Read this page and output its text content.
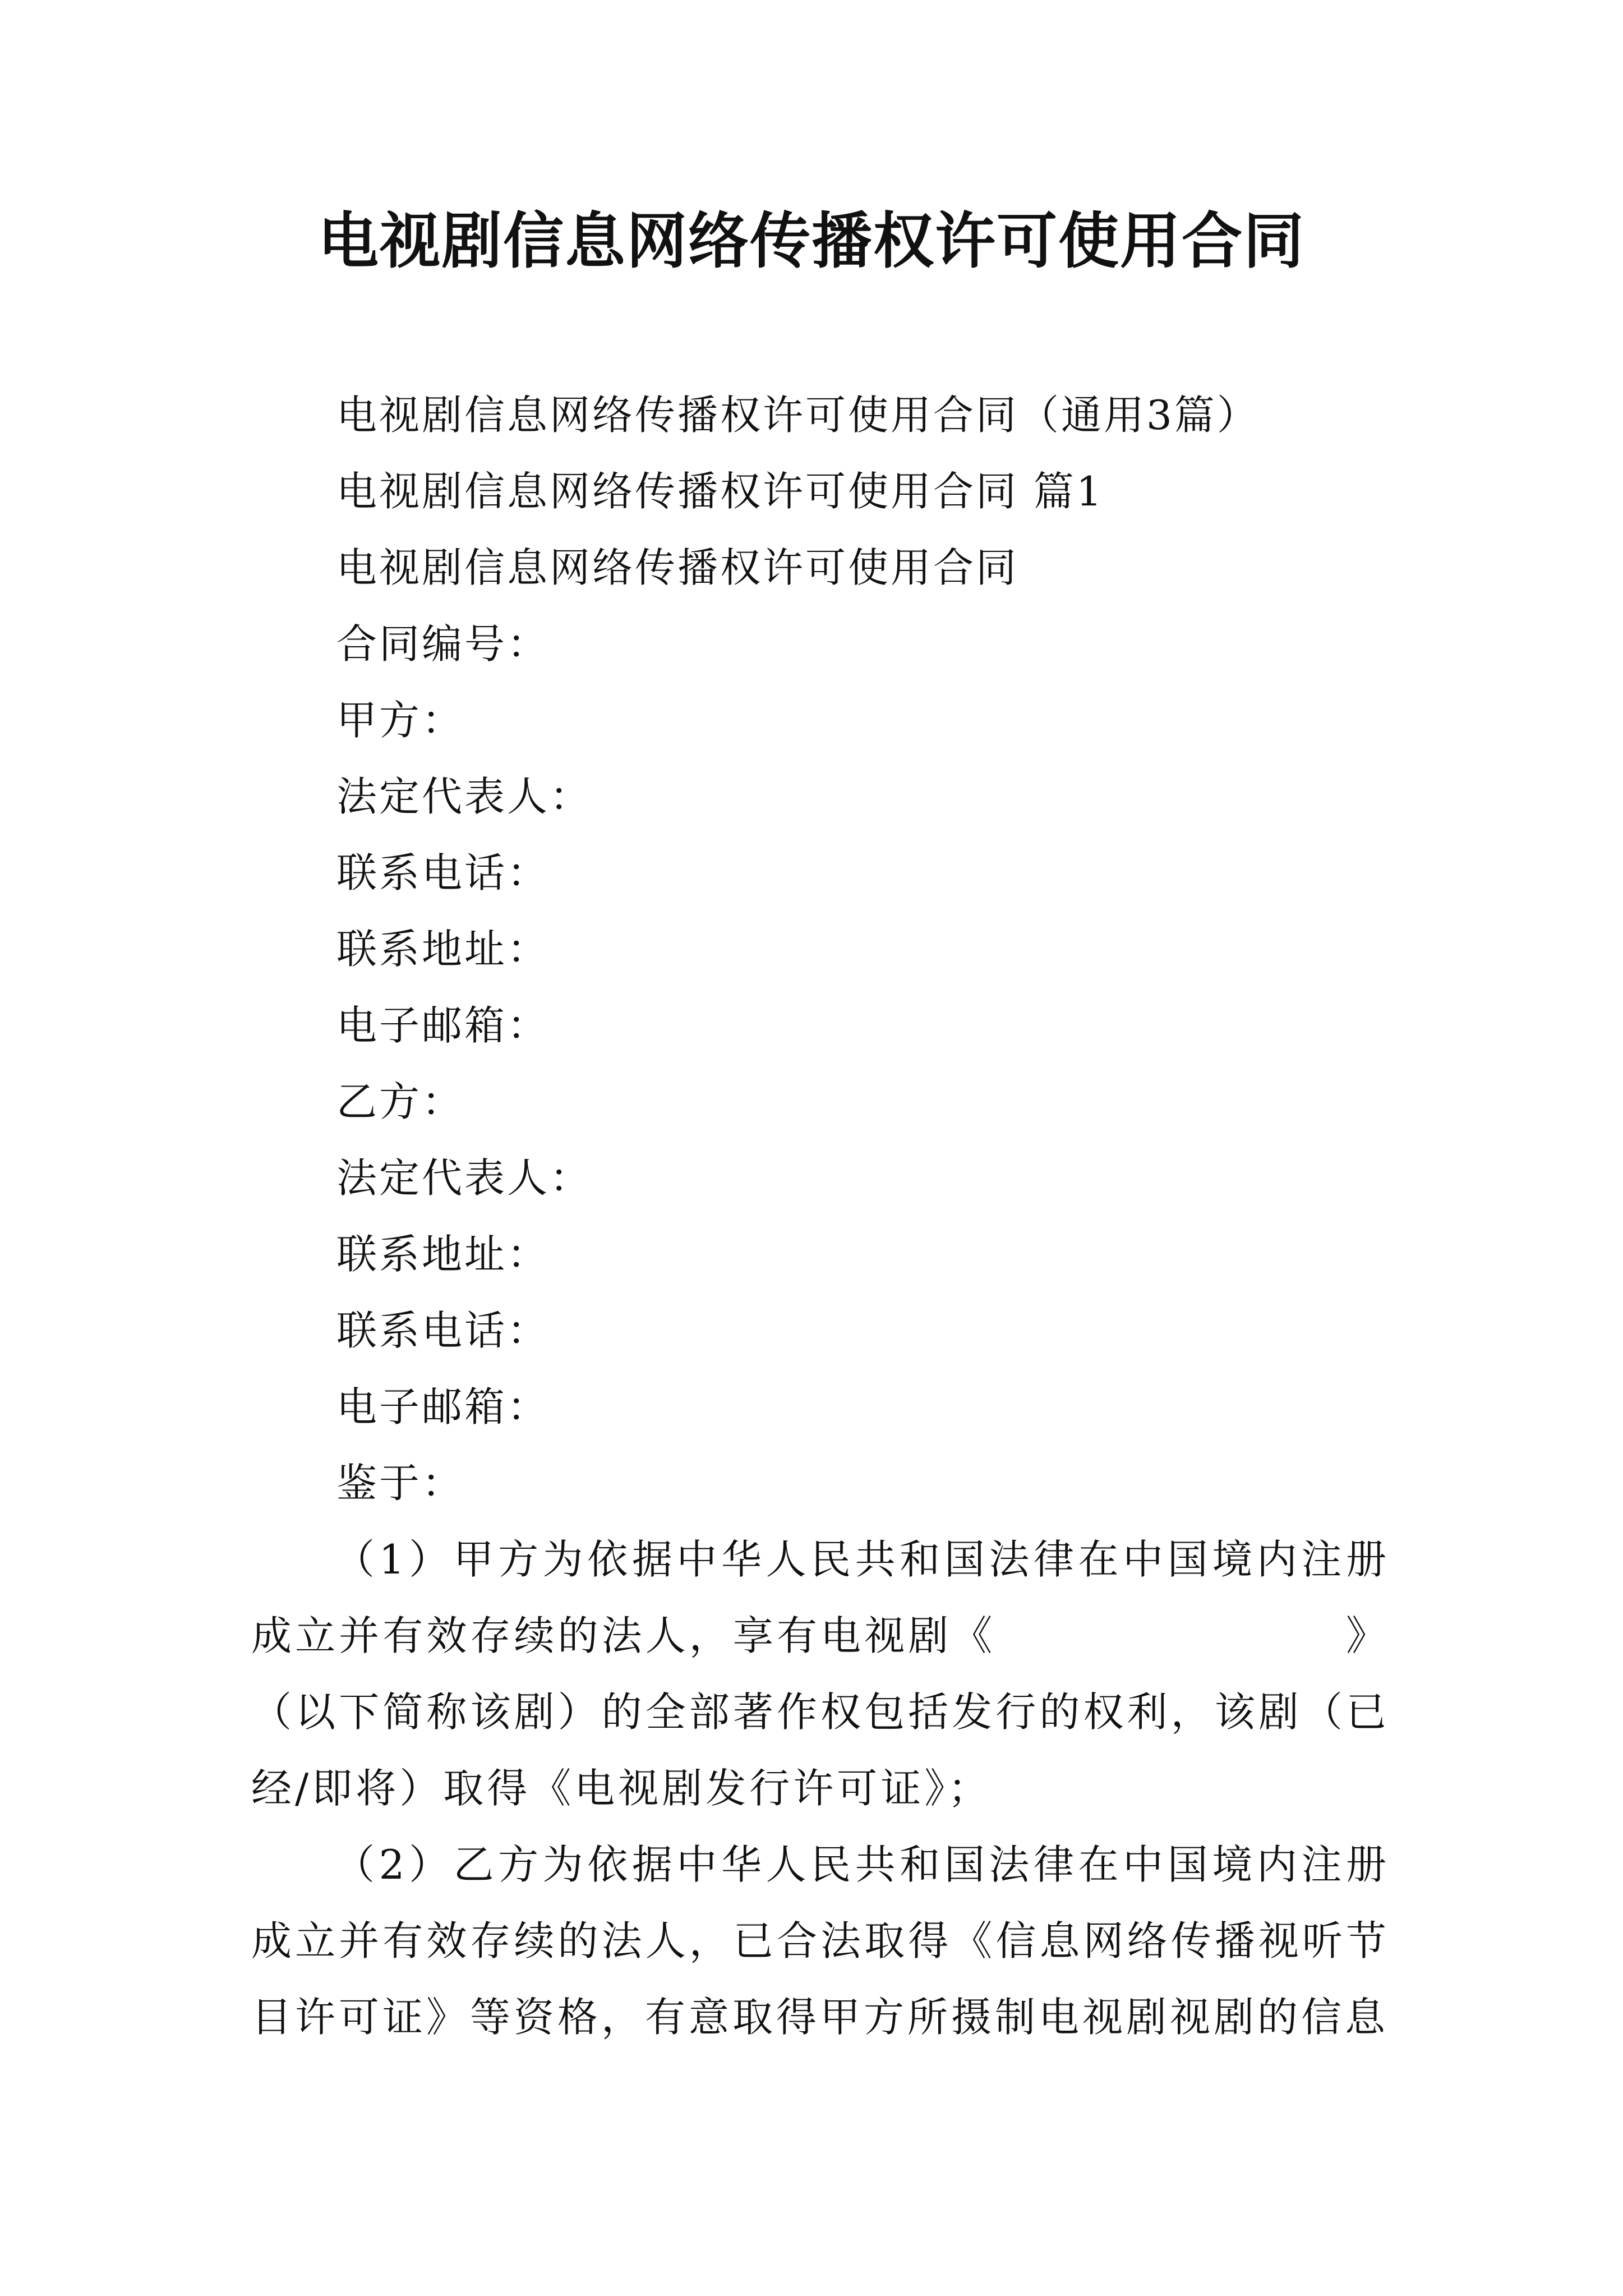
电视剧信息网络传播权许可使用合同
电视剧信息网络传播权许可使用合同（通用3篇）
电视剧信息网络传播权许可使用合同 篇1
电视剧信息网络传播权许可使用合同
合同编号：
甲方：
法定代表人：
联系电话：
联系地址：
电子邮箱：
乙方：
法定代表人：
联系地址：
联系电话：
电子邮箱：
鉴于：
（1）甲方为依据中华人民共和国法律在中国境内注册成立并有效存续的法人，享有电视剧《　　　　　　　　》（以下简称该剧）的全部著作权包括发行的权利，该剧（已经/即将）取得《电视剧发行许可证》；
（2）乙方为依据中华人民共和国法律在中国境内注册成立并有效存续的法人，已合法取得《信息网络传播视听节目许可证》等资格，有意取得甲方所摄制电视剧视剧的信息
